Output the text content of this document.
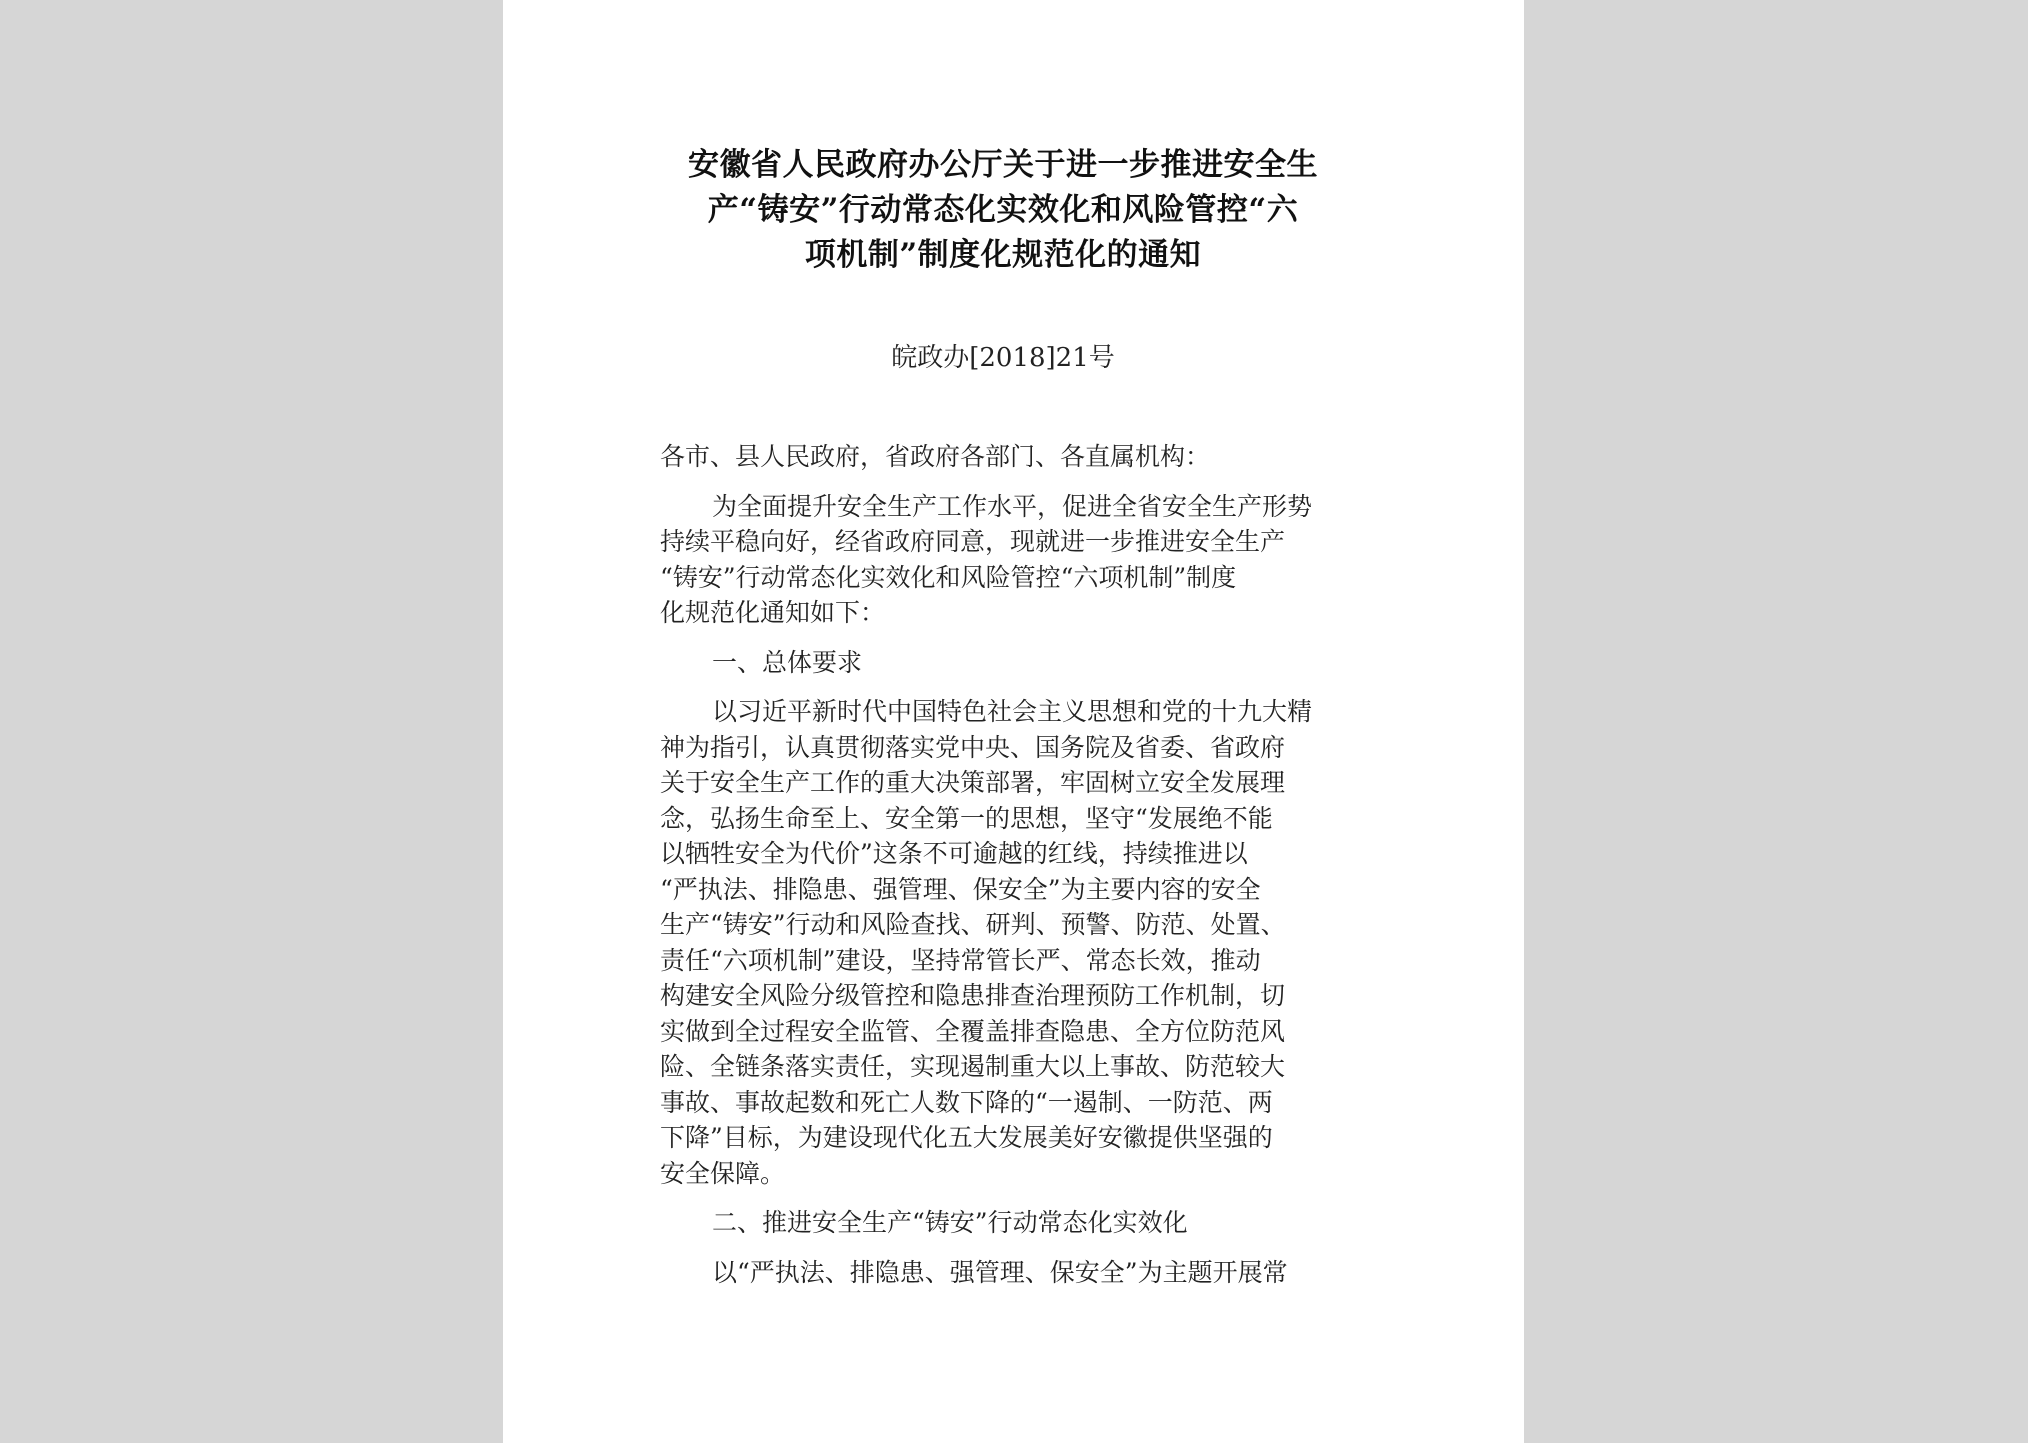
安徽省人民政府办公厅关于进一步推进安全生
产“铸安”行动常态化实效化和风险管控“六
项机制”制度化规范化的通知
皖政办[2018]21号
各市、县人民政府，省政府各部门、各直属机构：
为全面提升安全生产工作水平，促进全省安全生产形势
持续平稳向好，经省政府同意，现就进一步推进安全生产
“铸安”行动常态化实效化和风险管控“六项机制”制度
化规范化通知如下：
一、总体要求
以习近平新时代中国特色社会主义思想和党的十九大精
神为指引，认真贯彻落实党中央、国务院及省委、省政府
关于安全生产工作的重大决策部署，牢固树立安全发展理
念，弘扬生命至上、安全第一的思想，坚守“发展绝不能
以牺牲安全为代价”这条不可逾越的红线，持续推进以
“严执法、排隐患、强管理、保安全”为主要内容的安全
生产“铸安”行动和风险查找、研判、预警、防范、处置、
责任“六项机制”建设，坚持常管长严、常态长效，推动
构建安全风险分级管控和隐患排查治理预防工作机制，切
实做到全过程安全监管、全覆盖排查隐患、全方位防范风
险、全链条落实责任，实现遏制重大以上事故、防范较大
事故、事故起数和死亡人数下降的“一遏制、一防范、两
下降”目标，为建设现代化五大发展美好安徽提供坚强的
安全保障。
二、推进安全生产“铸安”行动常态化实效化
以“严执法、排隐患、强管理、保安全”为主题开展常
